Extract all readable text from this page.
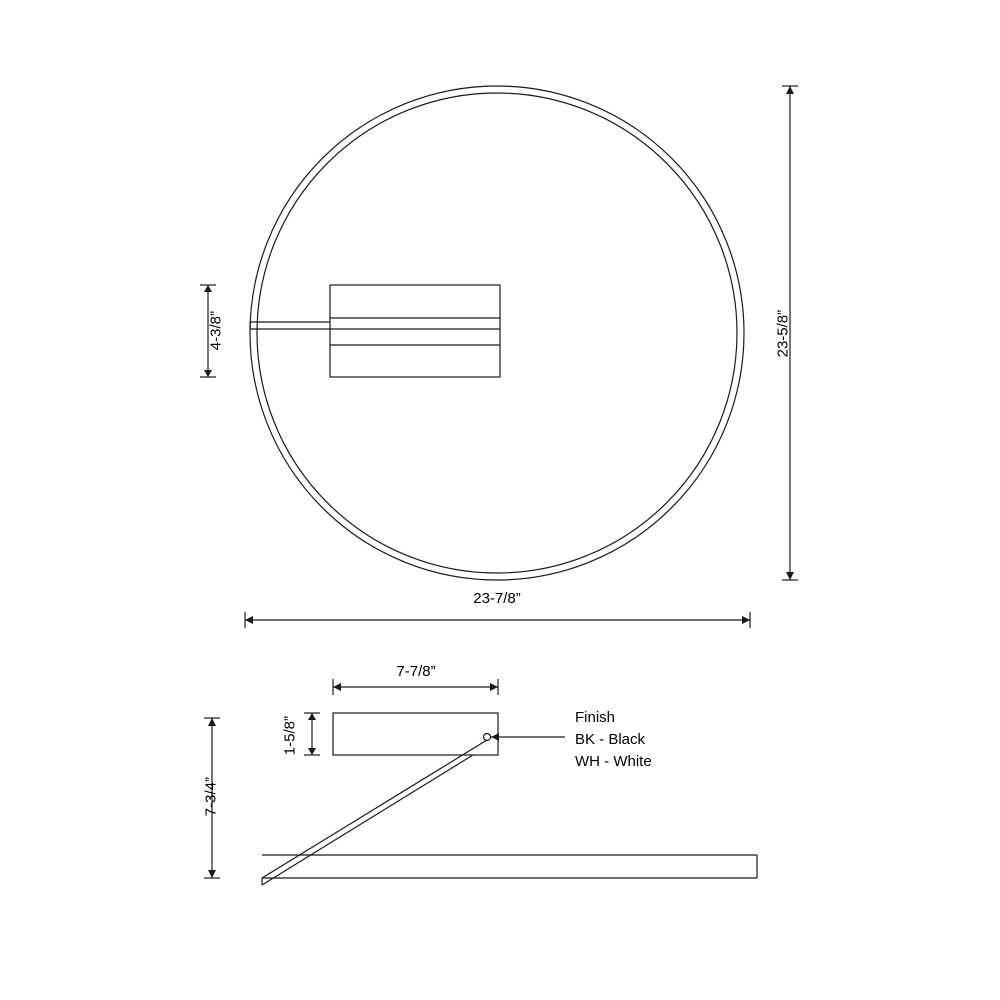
4-3/8”	23-5/8”
23-7/8”
7-7/8”
1-5/8”
7-3/4”
Finish
BK - Black
WH - White
